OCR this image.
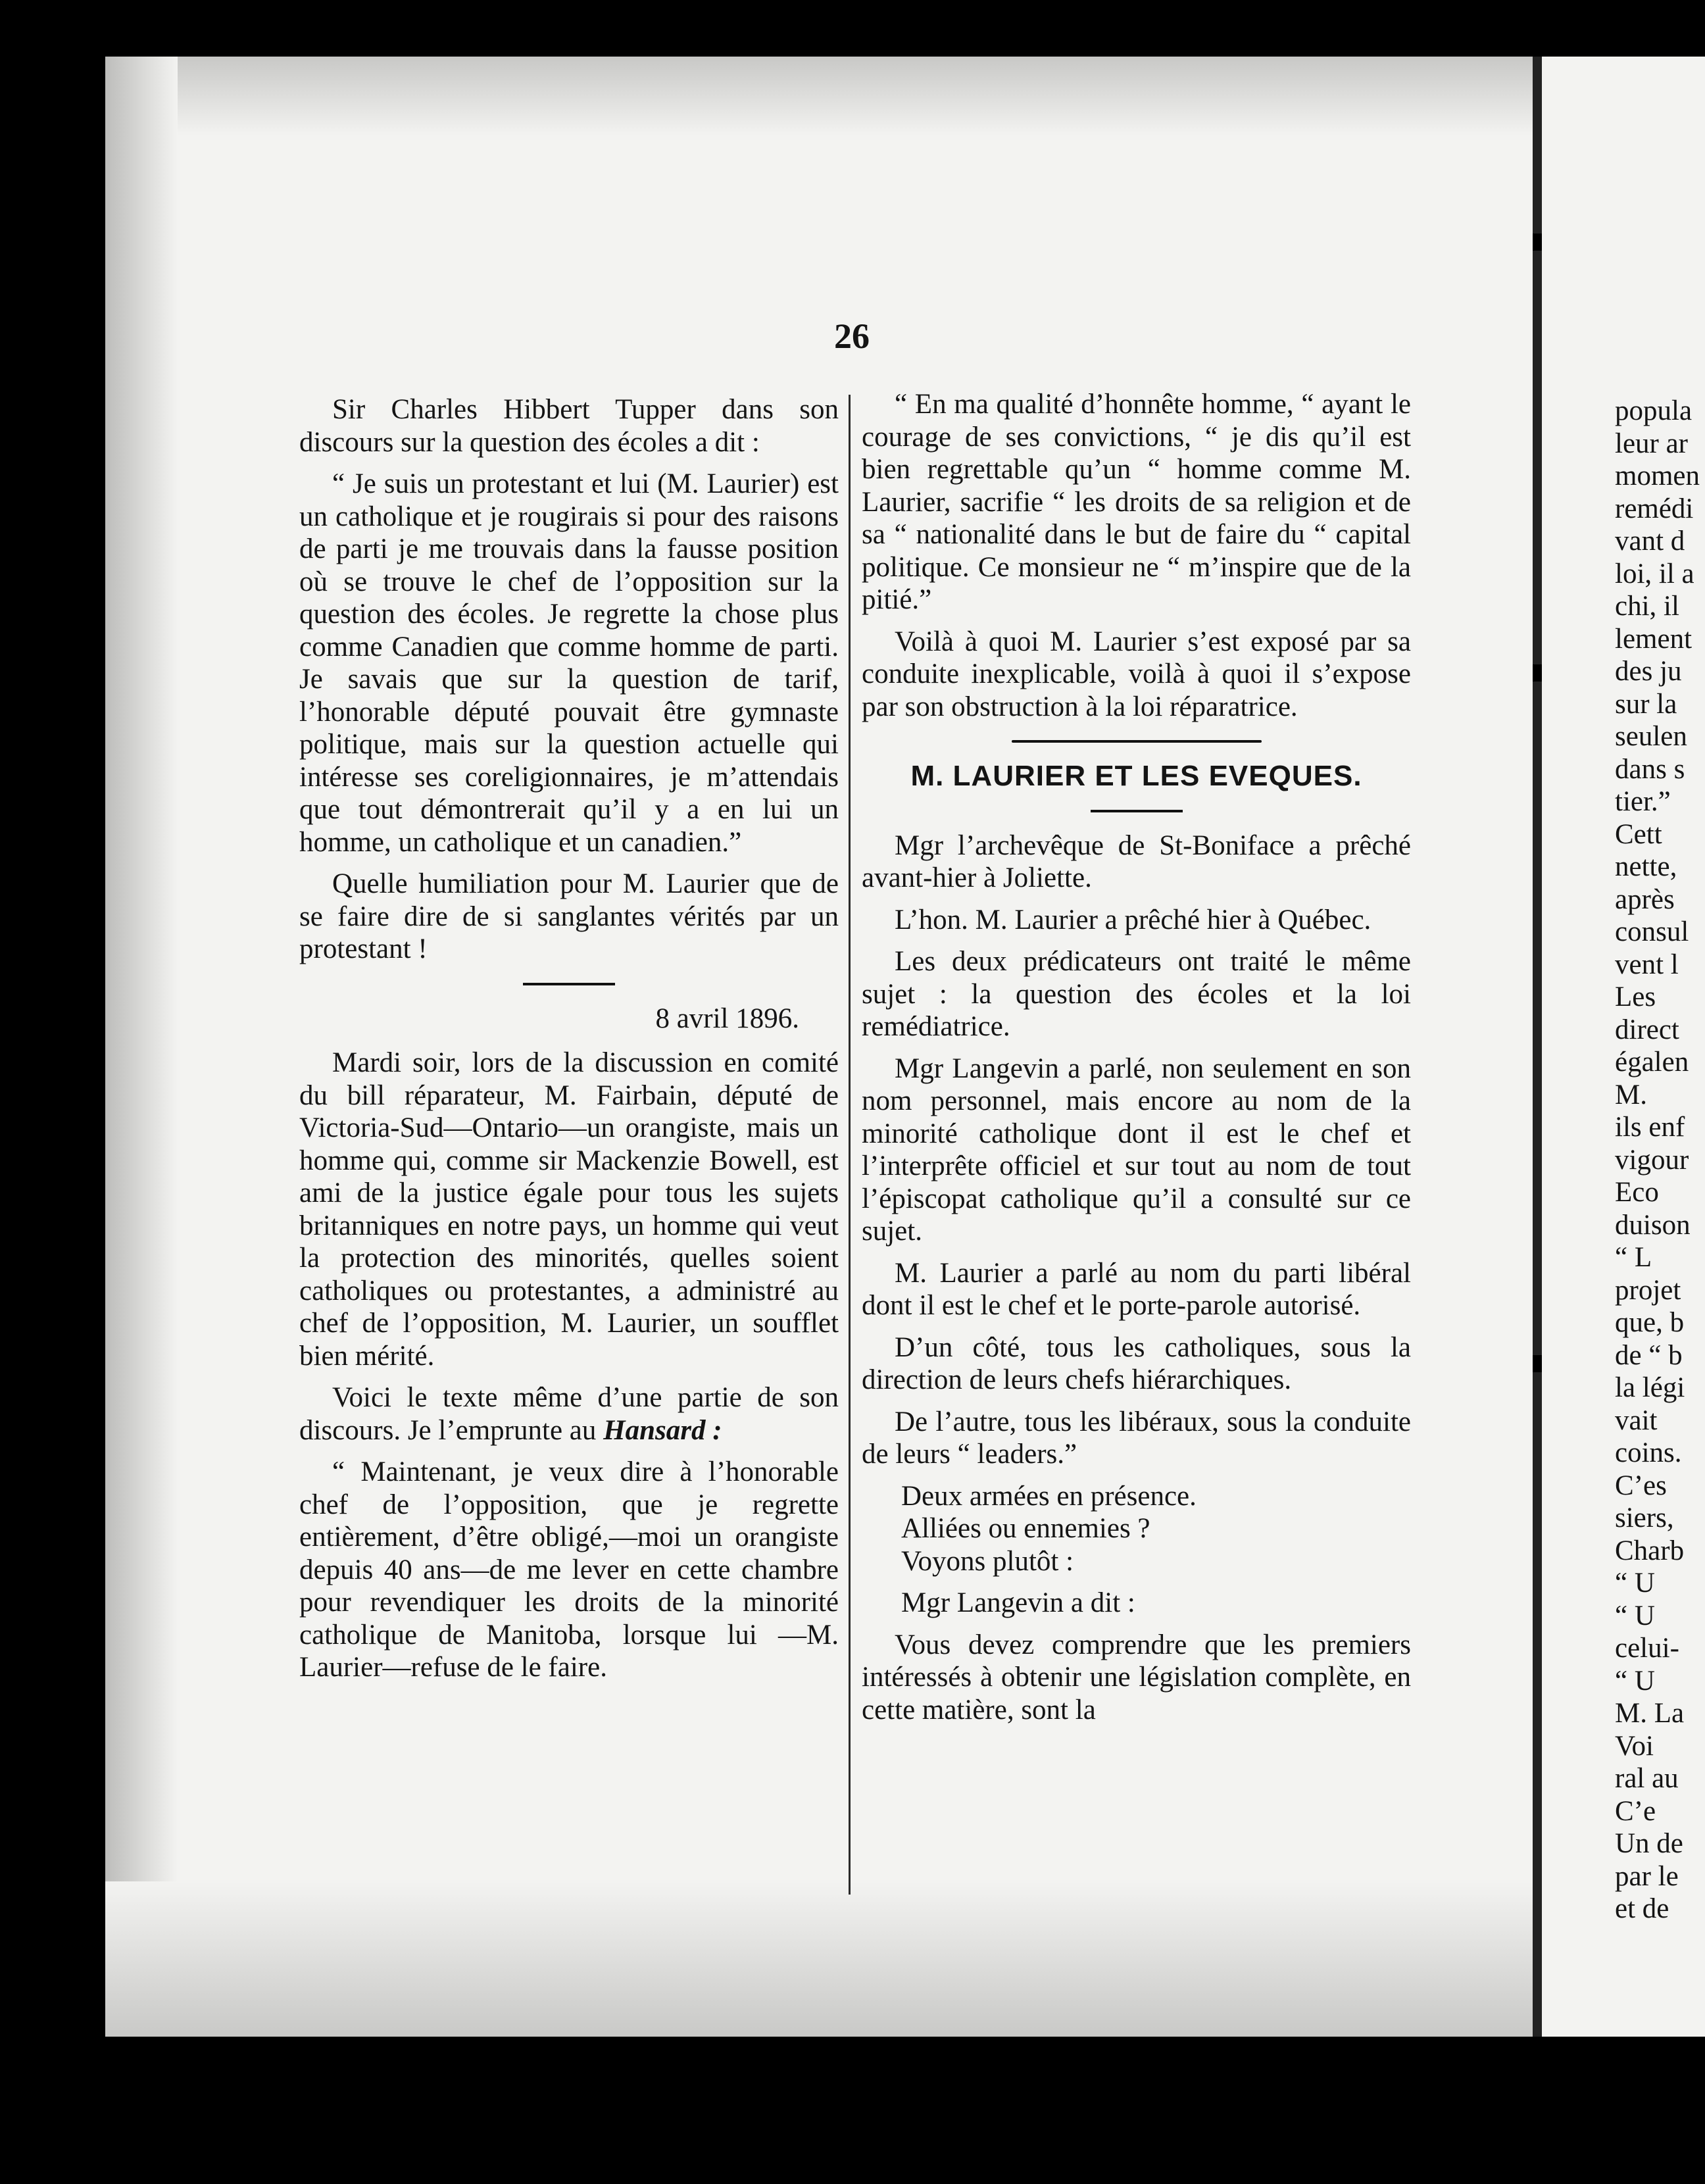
26

Sir Charles Hibbert Tupper dans son discours sur la question des écoles a dit :

“ Je suis un protestant et lui (M. Laurier) est un catholique et je rougirais si pour des raisons de parti je me trouvais dans la fausse position où se trouve le chef de l’opposition sur la question des écoles. Je regrette la chose plus comme Canadien que comme homme de parti. Je savais que sur la question de tarif, l’honorable député pouvait être gymnaste politique, mais sur la question actuelle qui intéresse ses coreligionnaires, je m’attendais que tout démontrerait qu’il y a en lui un homme, un catholique et un canadien.”

Quelle humiliation pour M. Laurier que de se faire dire de si sanglantes vérités par un protestant !

8 avril 1896.

Mardi soir, lors de la discussion en comité du bill réparateur, M. Fairbain, député de Victoria-Sud—Ontario—un orangiste, mais un homme qui, comme sir Mackenzie Bowell, est ami de la justice égale pour tous les sujets britanniques en notre pays, un homme qui veut la protection des minorités, quelles soient catholiques ou protestantes, a administré au chef de l’opposition, M. Laurier, un soufflet bien mérité.

Voici le texte même d’une partie de son discours. Je l’emprunte au Hansard :

“ Maintenant, je veux dire à l’honorable chef de l’opposition, que je regrette entièrement, d’être obligé,—moi un orangiste depuis 40 ans—de me lever en cette chambre pour revendiquer les droits de la minorité catholique de Manitoba, lorsque lui —M. Laurier—refuse de le faire.

“ En ma qualité d’honnête homme, “ ayant le courage de ses convictions, “ je dis qu’il est bien regrettable qu’un “ homme comme M. Laurier, sacrifie “ les droits de sa religion et de sa “ nationalité dans le but de faire du “ capital politique. Ce monsieur ne “ m’inspire que de la pitié.”

Voilà à quoi M. Laurier s’est exposé par sa conduite inexplicable, voilà à quoi il s’expose par son obstruction à la loi réparatrice.

M. LAURIER ET LES EVEQUES.

Mgr l’archevêque de St-Boniface a prêché avant-hier à Joliette.

L’hon. M. Laurier a prêché hier à Québec.

Les deux prédicateurs ont traité le même sujet : la question des écoles et la loi remédiatrice.

Mgr Langevin a parlé, non seulement en son nom personnel, mais encore au nom de la minorité catholique dont il est le chef et l’interprête officiel et sur tout au nom de tout l’épiscopat catholique qu’il a consulté sur ce sujet.

M. Laurier a parlé au nom du parti libéral dont il est le chef et le porte-parole autorisé.

D’un côté, tous les catholiques, sous la direction de leurs chefs hiérarchiques.

De l’autre, tous les libéraux, sous la conduite de leurs “ leaders.”

Deux armées en présence.

Alliées ou ennemies ?

Voyons plutôt :

Mgr Langevin a dit :

Vous devez comprendre que les premiers intéressés à obtenir une législation complète, en cette matière, sont la

popula
leur ar
momen
remédi
vant d
loi, il a
chi, il
lement
des ju
sur la
seulen
dans s
tier.”
Cett
nette,
après
consul
vent l
Les
direct
égalen
M.
ils enf
vigour
Eco
duison
“ L
projet
que, b
de “ b
la légi
vait
coins.
C’es
siers,
Charb
“ U
“ U
celui-
“ U
M. La
Voi
ral au
C’e
Un de
par le
et de
